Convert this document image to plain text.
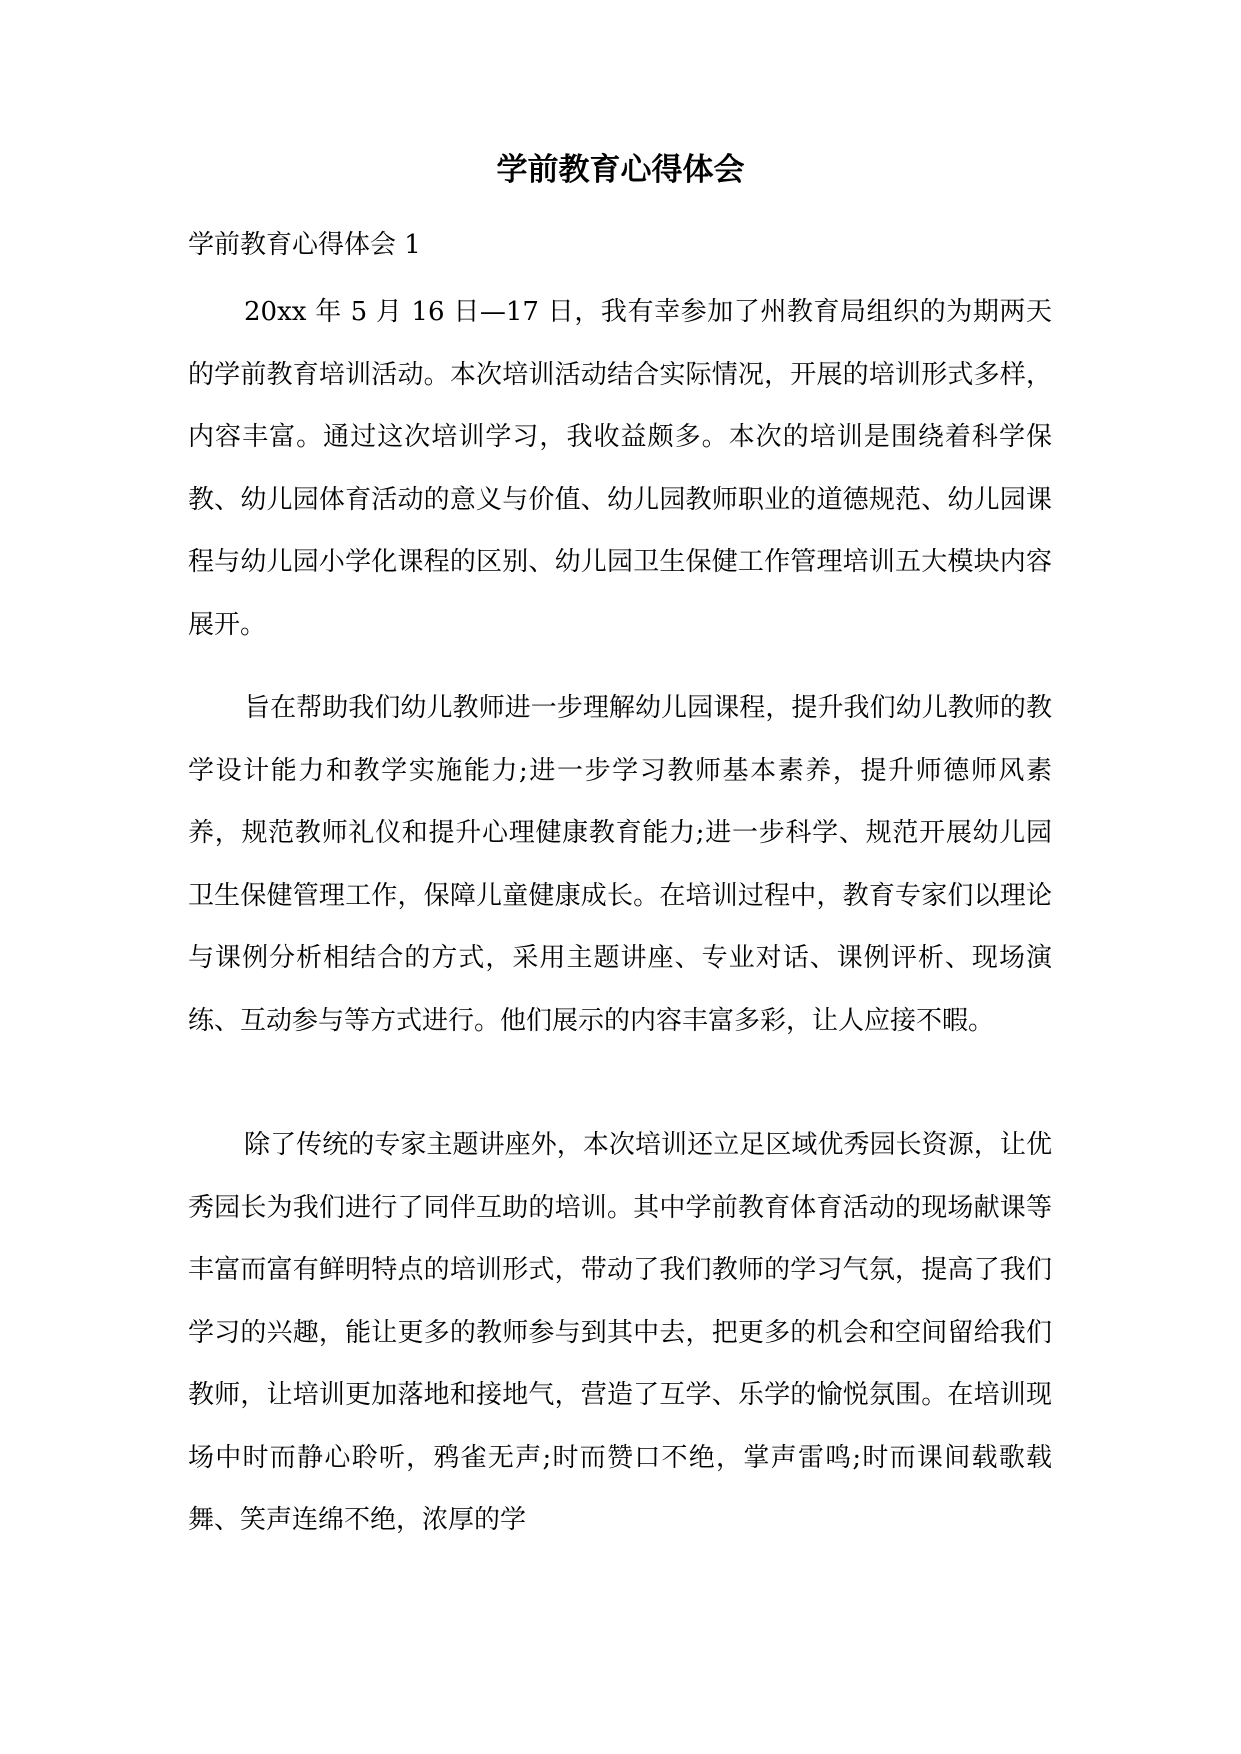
学前教育心得体会

学前教育心得体会 1

20xx 年 5 月 16 日—17 日，我有幸参加了州教育局组织的为期两天的学前教育培训活动。本次培训活动结合实际情况，开展的培训形式多样，内容丰富。通过这次培训学习，我收益颇多。本次的培训是围绕着科学保教、幼儿园体育活动的意义与价值、幼儿园教师职业的道德规范、幼儿园课程与幼儿园小学化课程的区别、幼儿园卫生保健工作管理培训五大模块内容展开。

旨在帮助我们幼儿教师进一步理解幼儿园课程，提升我们幼儿教师的教学设计能力和教学实施能力;进一步学习教师基本素养，提升师德师风素养，规范教师礼仪和提升心理健康教育能力;进一步科学、规范开展幼儿园卫生保健管理工作，保障儿童健康成长。在培训过程中，教育专家们以理论与课例分析相结合的方式，采用主题讲座、专业对话、课例评析、现场演练、互动参与等方式进行。他们展示的内容丰富多彩，让人应接不暇。

除了传统的专家主题讲座外，本次培训还立足区域优秀园长资源，让优秀园长为我们进行了同伴互助的培训。其中学前教育体育活动的现场献课等丰富而富有鲜明特点的培训形式，带动了我们教师的学习气氛，提高了我们学习的兴趣，能让更多的教师参与到其中去，把更多的机会和空间留给我们教师，让培训更加落地和接地气，营造了互学、乐学的愉悦氛围。在培训现场中时而静心聆听，鸦雀无声;时而赞口不绝，掌声雷鸣;时而课间载歌载舞、笑声连绵不绝，浓厚的学
